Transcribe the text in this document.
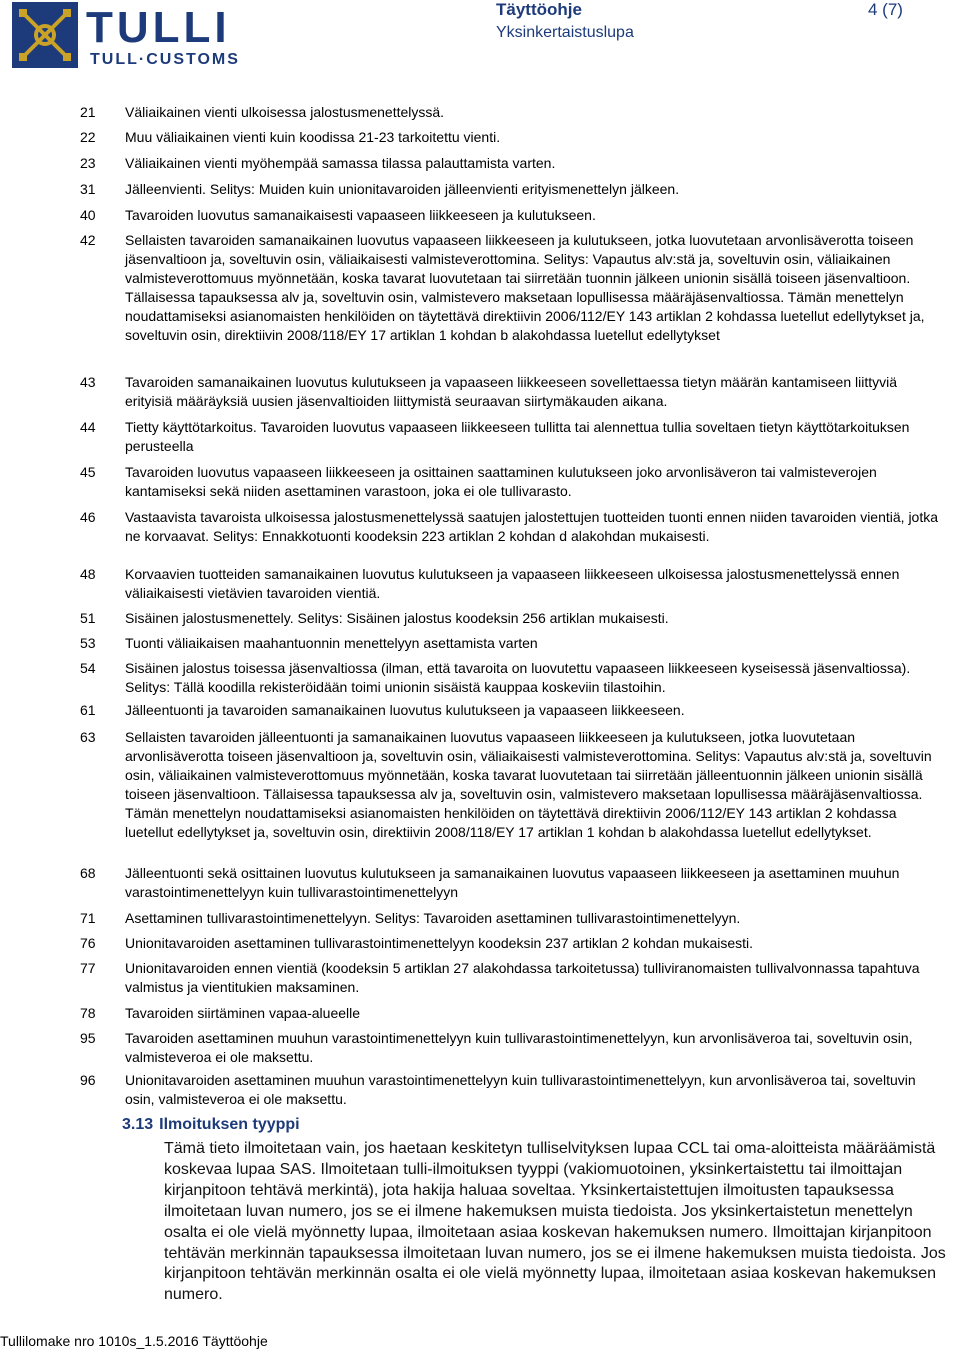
TULLI
TULL·CUSTOMS
Täyttöohje
Yksinkertaistuslupa
4 (7)
21	Väliaikainen vienti ulkoisessa jalostusmenettelyssä.
22	Muu väliaikainen vienti kuin koodissa 21-23 tarkoitettu vienti.
23	Väliaikainen vienti myöhempää samassa tilassa palauttamista varten.
31	Jälleenvienti. Selitys: Muiden kuin unionitavaroiden jälleenvienti erityismenettelyn jälkeen.
40	Tavaroiden luovutus samanaikaisesti vapaaseen liikkeeseen ja kulutukseen.
42	Sellaisten tavaroiden samanaikainen luovutus vapaaseen liikkeeseen ja kulutukseen, jotka luovutetaan arvonlisäverotta toiseen jäsenvaltioon ja, soveltuvin osin, väliaikaisesti valmisteverottomina. Selitys: Vapautus alv:stä ja, soveltuvin osin, väliaikainen valmisteverottomuus myönnetään, koska tavarat luovutetaan tai siirretään tuonnin jälkeen unionin sisällä toiseen jäsenvaltioon. Tällaisessa tapauksessa alv ja, soveltuvin osin, valmistevero maksetaan lopullisessa määräjäsenvaltiossa. Tämän menettelyn noudattamiseksi asianomaisten henkilöiden on täytettävä direktiivin 2006/112/EY 143 artiklan 2 kohdassa luetellut edellytykset ja, soveltuvin osin, direktiivin 2008/118/EY 17 artiklan 1 kohdan b alakohdassa luetellut edellytykset
43	Tavaroiden samanaikainen luovutus kulutukseen ja vapaaseen liikkeeseen sovellettaessa tietyn määrän kantamiseen liittyviä erityisiä määräyksiä uusien jäsenvaltioiden liittymistä seuraavan siirtymäkauden aikana.
44	Tietty käyttötarkoitus. Tavaroiden luovutus vapaaseen liikkeeseen tullitta tai alennettua tullia soveltaen tietyn käyttötarkoituksen perusteella
45	Tavaroiden luovutus vapaaseen liikkeeseen ja osittainen saattaminen kulutukseen joko arvonlisäveron tai valmisteverojen kantamiseksi sekä niiden asettaminen varastoon, joka ei ole tullivarasto.
46	Vastaavista tavaroista ulkoisessa jalostusmenettelyssä saatujen jalostettujen tuotteiden tuonti ennen niiden tavaroiden vientiä, jotka ne korvaavat. Selitys: Ennakkotuonti koodeksin 223 artiklan 2 kohdan d alakohdan mukaisesti.
48	Korvaavien tuotteiden samanaikainen luovutus kulutukseen ja vapaaseen liikkeeseen ulkoisessa jalostusmenettelyssä ennen väliaikaisesti vietävien tavaroiden vientiä.
51	Sisäinen jalostusmenettely. Selitys: Sisäinen jalostus koodeksin 256 artiklan mukaisesti.
53	Tuonti väliaikaisen maahantuonnin menettelyyn asettamista varten
54	Sisäinen jalostus toisessa jäsenvaltiossa (ilman, että tavaroita on luovutettu vapaaseen liikkeeseen kyseisessä jäsenvaltiossa). Selitys: Tällä koodilla rekisteröidään toimi unionin sisäistä kauppaa koskeviin tilastoihin.
61	Jälleentuonti ja tavaroiden samanaikainen luovutus kulutukseen ja vapaaseen liikkeeseen.
63	Sellaisten tavaroiden jälleentuonti ja samanaikainen luovutus vapaaseen liikkeeseen ja kulutukseen, jotka luovutetaan arvonlisäverotta toiseen jäsenvaltioon ja, soveltuvin osin, väliaikaisesti valmisteverottomina. Selitys: Vapautus alv:stä ja, soveltuvin osin, väliaikainen valmisteverottomuus myönnetään, koska tavarat luovutetaan tai siirretään jälleentuonnin jälkeen unionin sisällä toiseen jäsenvaltioon. Tällaisessa tapauksessa alv ja, soveltuvin osin, valmistevero maksetaan lopullisessa määräjäsenvaltiossa. Tämän menettelyn noudattamiseksi asianomaisten henkilöiden on täytettävä direktiivin 2006/112/EY 143 artiklan 2 kohdassa luetellut edellytykset ja, soveltuvin osin, direktiivin 2008/118/EY 17 artiklan 1 kohdan b alakohdassa luetellut edellytykset.
68	Jälleentuonti sekä osittainen luovutus kulutukseen ja samanaikainen luovutus vapaaseen liikkeeseen ja asettaminen muuhun varastointimenettelyyn kuin tullivarastointimenettelyyn
71	Asettaminen tullivarastointimenettelyyn. Selitys: Tavaroiden asettaminen tullivarastointimenettelyyn.
76	Unionitavaroiden asettaminen tullivarastointimenettelyyn koodeksin 237 artiklan 2 kohdan mukaisesti.
77	Unionitavaroiden ennen vientiä (koodeksin 5 artiklan 27 alakohdassa tarkoitetussa) tulliviranomaisten tullivalvonnassa tapahtuva valmistus ja vientitukien maksaminen.
78	Tavaroiden siirtäminen vapaa-alueelle
95	Tavaroiden asettaminen muuhun varastointimenettelyyn kuin tullivarastointimenettelyyn, kun arvonlisäveroa tai, soveltuvin osin, valmisteveroa ei ole maksettu.
96	Unionitavaroiden asettaminen muuhun varastointimenettelyyn kuin tullivarastointimenettelyyn, kun arvonlisäveroa tai, soveltuvin osin, valmisteveroa ei ole maksettu.
3.13 Ilmoituksen tyyppi
Tämä tieto ilmoitetaan vain, jos haetaan keskitetyn tulliselvityksen lupaa CCL tai oma-aloitteista määräämistä koskevaa lupaa SAS. Ilmoitetaan tulli-ilmoituksen tyyppi (vakiomuotoinen, yksinkertaistettu tai ilmoittajan kirjanpitoon tehtävä merkintä), jota hakija haluaa soveltaa. Yksinkertaistettujen ilmoitusten tapauksessa ilmoitetaan luvan numero, jos se ei ilmene hakemuksen muista tiedoista. Jos yksinkertaistetun menettelyn osalta ei ole vielä myönnetty lupaa, ilmoitetaan asiaa koskevan hakemuksen numero. Ilmoittajan kirjanpitoon tehtävän merkinnän tapauksessa ilmoitetaan luvan numero, jos se ei ilmene hakemuksen muista tiedoista. Jos kirjanpitoon tehtävän merkinnän osalta ei ole vielä myönnetty lupaa, ilmoitetaan asiaa koskevan hakemuksen numero.
Tullilomake nro 1010s_1.5.2016 Täyttöohje
